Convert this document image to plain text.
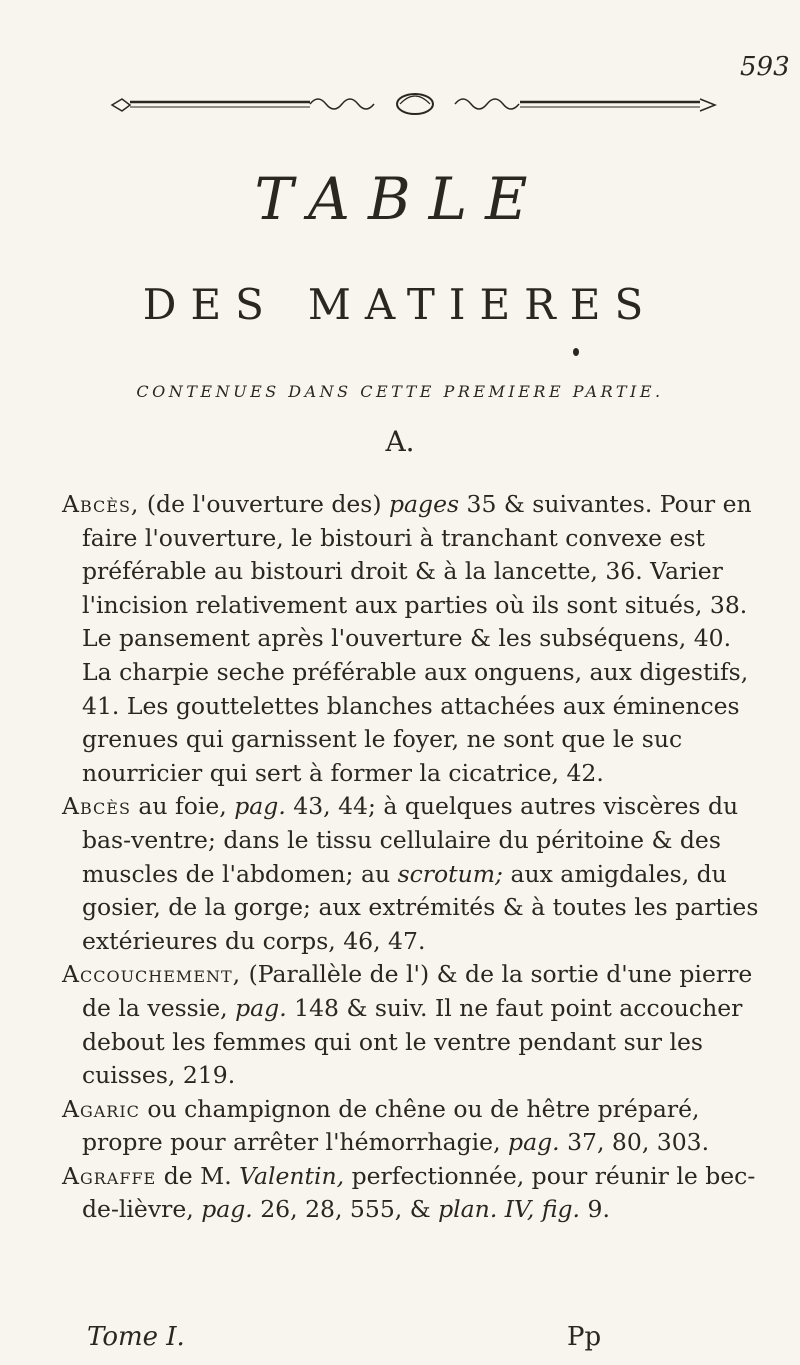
593
TABLE
DES MATIERES
CONTENUES DANS CETTE PREMIERE PARTIE.
A.

Abcès, (de l'ouverture des) pages 35 & suivantes. Pour en faire l'ouverture, le bistouri à tranchant convexe est préférable au bistouri droit & à la lancette, 36. Varier l'incision relativement aux parties où ils sont situés, 38. Le pansement après l'ouverture & les subséquens, 40. La charpie seche préférable aux onguens, aux digestifs, 41. Les gouttelettes blanches attachées aux éminences grenues qui garnissent le foyer, ne sont que le suc nourricier qui sert à former la cicatrice, 42.

Abcès au foie, pag. 43, 44; à quelques autres viscères du bas-ventre; dans le tissu cellulaire du péritoine & des muscles de l'abdomen; au scrotum; aux amigdales, du gosier, de la gorge; aux extrémités & à toutes les parties extérieures du corps, 46, 47.

Accouchement, (Parallèle de l') & de la sortie d'une pierre de la vessie, pag. 148 & suiv. Il ne faut point accoucher debout les femmes qui ont le ventre pendant sur les cuisses, 219.

Agaric ou champignon de chêne ou de hêtre préparé, propre pour arrêter l'hémorrhagie, pag. 37, 80, 303.

Agraffe de M. Valentin, perfectionnée, pour réunir le bec-de-lièvre, pag. 26, 28, 555, & plan. IV, fig. 9.

Tome I.	Pp
